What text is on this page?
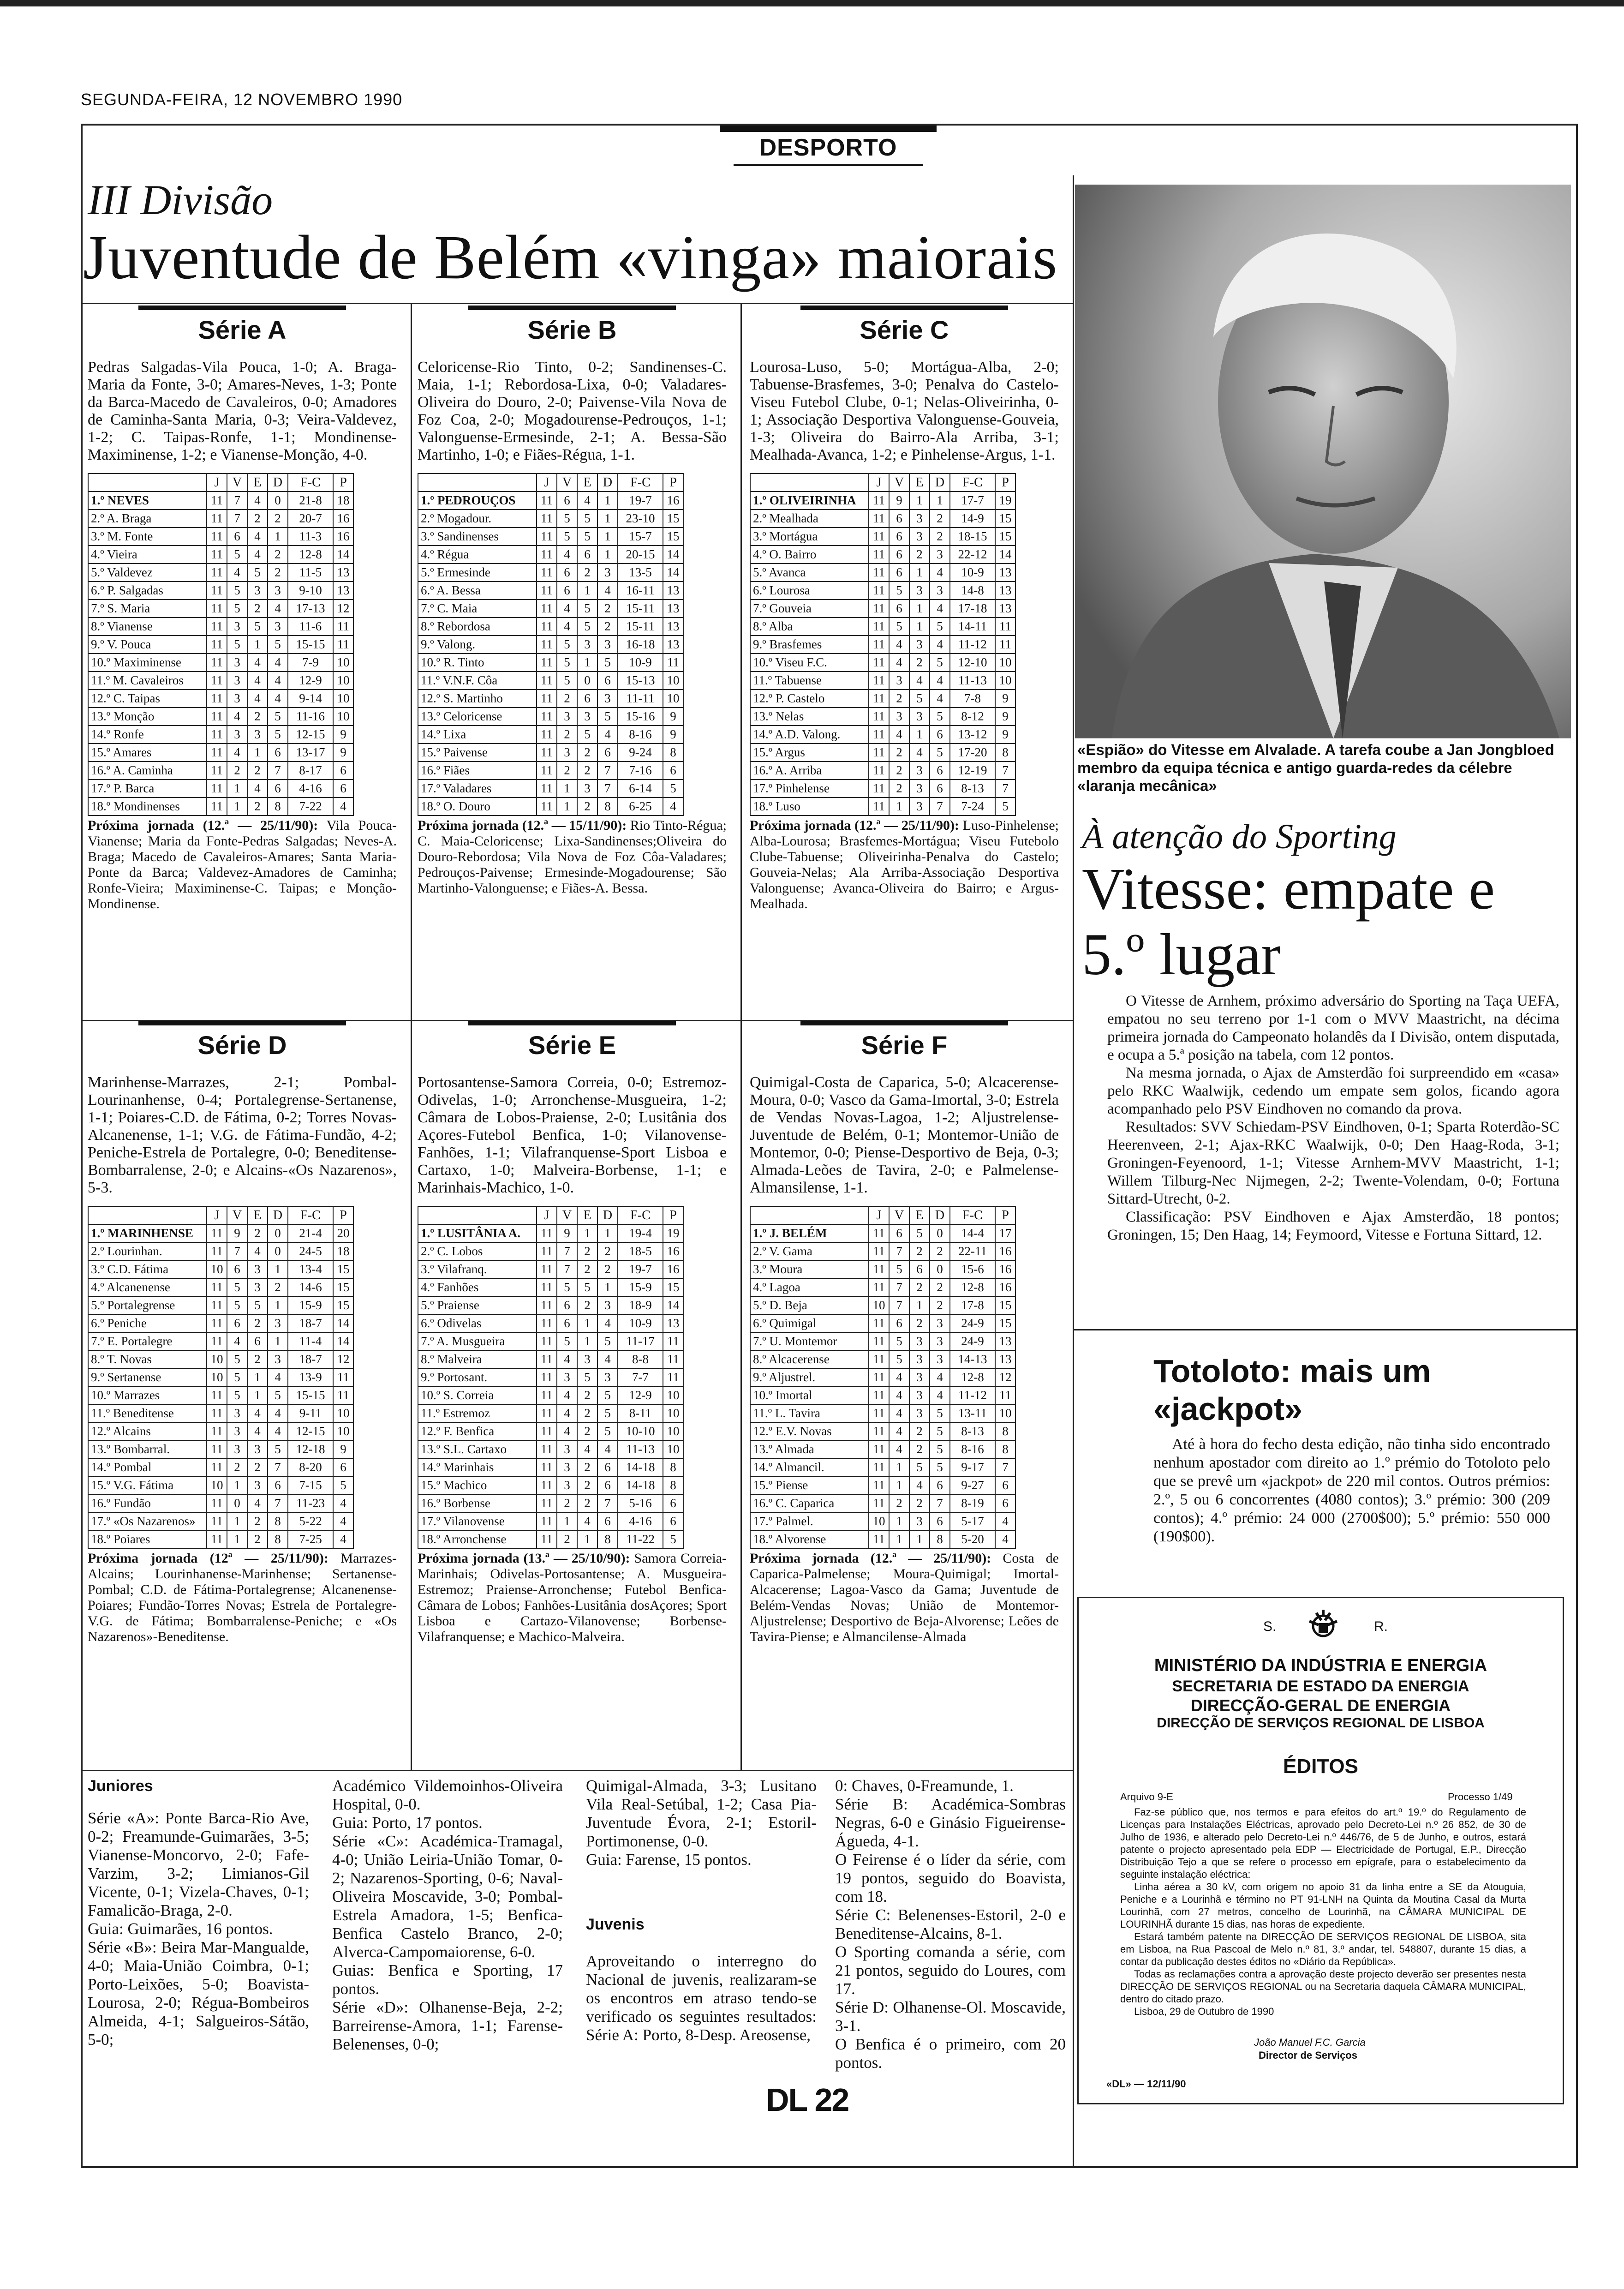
SEGUNDA-FEIRA, 12 NOVEMBRO 1990
DESPORTO
III Divisão
Juventude de Belém «vinga» maiorais
Série A

Pedras Salgadas-Vila Pouca, 1-0; A. Braga-Maria da Fonte, 3-0; Amares-Neves, 1-3; Ponte da Barca-Macedo de Cavaleiros, 0-0; Amadores de Caminha-Santa Maria, 0-3; Veira-Valdevez, 1-2; C. Taipas-Ronfe, 1-1; Mondinense-Maximinense, 1-2; e Vianense-Monção, 4-0.

	J	V	E	D	F-C	P
1.º NEVES	11	7	4	0	21-8	18
2.º A. Braga	11	7	2	2	20-7	16
3.º M. Fonte	11	6	4	1	11-3	16
4.º Vieira	11	5	4	2	12-8	14
5.º Valdevez	11	4	5	2	11-5	13
6.º P. Salgadas	11	5	3	3	9-10	13
7.º S. Maria	11	5	2	4	17-13	12
8.º Vianense	11	3	5	3	11-6	11
9.º V. Pouca	11	5	1	5	15-15	11
10.º Maximinense	11	3	4	4	7-9	10
11.º M. Cavaleiros	11	3	4	4	12-9	10
12.º C. Taipas	11	3	4	4	9-14	10
13.º Monção	11	4	2	5	11-16	10
14.º Ronfe	11	3	3	5	12-15	9
15.º Amares	11	4	1	6	13-17	9
16.º A. Caminha	11	2	2	7	8-17	6
17.º P. Barca	11	1	4	6	4-16	6
18.º Mondinenses	11	1	2	8	7-22	4

Próxima jornada (12.ª — 25/11/90): Vila Pouca-Vianense; Maria da Fonte-Pedras Salgadas; Neves-A. Braga; Macedo de Cavaleiros-Amares; Santa Maria-Ponte da Barca; Valdevez-Amadores de Caminha; Ronfe-Vieira; Maximinense-C. Taipas; e Monção-Mondinense.

Série B

Celoricense-Rio Tinto, 0-2; Sandinenses-C. Maia, 1-1; Rebordosa-Lixa, 0-0; Valadares-Oliveira do Douro, 2-0; Paivense-Vila Nova de Foz Coa, 2-0; Mogadourense-Pedrouços, 1-1; Valonguense-Ermesinde, 2-1; A. Bessa-São Martinho, 1-0; e Fiães-Régua, 1-1.

	J	V	E	D	F-C	P
1.º PEDROUÇOS	11	6	4	1	19-7	16
2.º Mogadour.	11	5	5	1	23-10	15
3.º Sandinenses	11	5	5	1	15-7	15
4.º Régua	11	4	6	1	20-15	14
5.º Ermesinde	11	6	2	3	13-5	14
6.º A. Bessa	11	6	1	4	16-11	13
7.º C. Maia	11	4	5	2	15-11	13
8.º Rebordosa	11	4	5	2	15-11	13
9.º Valong.	11	5	3	3	16-18	13
10.º R. Tinto	11	5	1	5	10-9	11
11.º V.N.F. Côa	11	5	0	6	15-13	10
12.º S. Martinho	11	2	6	3	11-11	10
13.º Celoricense	11	3	3	5	15-16	9
14.º Lixa	11	2	5	4	8-16	9
15.º Paivense	11	3	2	6	9-24	8
16.º Fiães	11	2	2	7	7-16	6
17.º Valadares	11	1	3	7	6-14	5
18.º O. Douro	11	1	2	8	6-25	4

Próxima jornada (12.ª — 15/11/90): Rio Tinto-Régua; C. Maia-Celoricense; Lixa-Sandinenses;Oliveira do Douro-Rebordosa; Vila Nova de Foz Côa-Valadares; Pedrouços-Paivense; Ermesinde-Mogadourense; São Martinho-Valonguense; e Fiães-A. Bessa.

Série C

Lourosa-Luso, 5-0; Mortágua-Alba, 2-0; Tabuense-Brasfemes, 3-0; Penalva do Castelo-Viseu Futebol Clube, 0-1; Nelas-Oliveirinha, 0-1; Associação Desportiva Valonguense-Gouveia, 1-3; Oliveira do Bairro-Ala Arriba, 3-1; Mealhada-Avanca, 1-2; e Pinhelense-Argus, 1-1.

	J	V	E	D	F-C	P
1.º OLIVEIRINHA	11	9	1	1	17-7	19
2.º Mealhada	11	6	3	2	14-9	15
3.º Mortágua	11	6	3	2	18-15	15
4.º O. Bairro	11	6	2	3	22-12	14
5.º Avanca	11	6	1	4	10-9	13
6.º Lourosa	11	5	3	3	14-8	13
7.º Gouveia	11	6	1	4	17-18	13
8.º Alba	11	5	1	5	14-11	11
9.º Brasfemes	11	4	3	4	11-12	11
10.º Viseu F.C.	11	4	2	5	12-10	10
11.º Tabuense	11	3	4	4	11-13	10
12.º P. Castelo	11	2	5	4	7-8	9
13.º Nelas	11	3	3	5	8-12	9
14.º A.D. Valong.	11	4	1	6	13-12	9
15.º Argus	11	2	4	5	17-20	8
16.º A. Arriba	11	2	3	6	12-19	7
17.º Pinhelense	11	2	3	6	8-13	7
18.º Luso	11	1	3	7	7-24	5

Próxima jornada (12.ª — 25/11/90): Luso-Pinhelense; Alba-Lourosa; Brasfemes-Mortágua; Viseu Futebolo Clube-Tabuense; Oliveirinha-Penalva do Castelo; Gouveia-Nelas; Ala Arriba-Associação Desportiva Valonguense; Avanca-Oliveira do Bairro; e Argus-Mealhada.

Série D

Marinhense-Marrazes, 2-1; Pombal-Lourinanhense, 0-4; Portalegrense-Sertanense, 1-1; Poiares-C.D. de Fátima, 0-2; Torres Novas-Alcanenense, 1-1; V.G. de Fátima-Fundão, 4-2; Peniche-Estrela de Portalegre, 0-0; Beneditense-Bombarralense, 2-0; e Alcains-«Os Nazarenos», 5-3.

	J	V	E	D	F-C	P
1.º MARINHENSE	11	9	2	0	21-4	20
2.º Lourinhan.	11	7	4	0	24-5	18
3.º C.D. Fátima	10	6	3	1	13-4	15
4.º Alcanenense	11	5	3	2	14-6	15
5.º Portalegrense	11	5	5	1	15-9	15
6.º Peniche	11	6	2	3	18-7	14
7.º E. Portalegre	11	4	6	1	11-4	14
8.º T. Novas	10	5	2	3	18-7	12
9.º Sertanense	10	5	1	4	13-9	11
10.º Marrazes	11	5	1	5	15-15	11
11.º Beneditense	11	3	4	4	9-11	10
12.º Alcains	11	3	4	4	12-15	10
13.º Bombarral.	11	3	3	5	12-18	9
14.º Pombal	11	2	2	7	8-20	6
15.º V.G. Fátima	10	1	3	6	7-15	5
16.º Fundão	11	0	4	7	11-23	4
17.º «Os Nazarenos»	11	1	2	8	5-22	4
18.º Poiares	11	1	2	8	7-25	4

Próxima jornada (12ª — 25/11/90): Marrazes-Alcains; Lourinhanense-Marinhense; Sertanense-Pombal; C.D. de Fátima-Portalegrense; Alcanenense-Poiares; Fundão-Torres Novas; Estrela de Portalegre-V.G. de Fátima; Bombarralense-Peniche; e «Os Nazarenos»-Beneditense.

Série E

Portosantense-Samora Correia, 0-0; Estremoz-Odivelas, 1-0; Arronchense-Musgueira, 1-2; Câmara de Lobos-Praiense, 2-0; Lusitânia dos Açores-Futebol Benfica, 1-0; Vilanovense-Fanhões, 1-1; Vilafranquense-Sport Lisboa e Cartaxo, 1-0; Malveira-Borbense, 1-1; e Marinhais-Machico, 1-0.

	J	V	E	D	F-C	P
1.º LUSITÂNIA A.	11	9	1	1	19-4	19
2.º C. Lobos	11	7	2	2	18-5	16
3.º Vilafranq.	11	7	2	2	19-7	16
4.º Fanhões	11	5	5	1	15-9	15
5.º Praiense	11	6	2	3	18-9	14
6.º Odivelas	11	6	1	4	10-9	13
7.º A. Musgueira	11	5	1	5	11-17	11
8.º Malveira	11	4	3	4	8-8	11
9.º Portosant.	11	3	5	3	7-7	11
10.º S. Correia	11	4	2	5	12-9	10
11.º Estremoz	11	4	2	5	8-11	10
12.º F. Benfica	11	4	2	5	10-10	10
13.º S.L. Cartaxo	11	3	4	4	11-13	10
14.º Marinhais	11	3	2	6	14-18	8
15.º Machico	11	3	2	6	14-18	8
16.º Borbense	11	2	2	7	5-16	6
17.º Vilanovense	11	1	4	6	4-16	6
18.º Arronchense	11	2	1	8	11-22	5

Próxima jornada (13.ª — 25/10/90): Samora Correia-Marinhais; Odivelas-Portosantense; A. Musgueira-Estremoz; Praiense-Arronchense; Futebol Benfica-Câmara de Lobos; Fanhões-Lusitânia dosAçores; Sport Lisboa e Cartazo-Vilanovense; Borbense-Vilafranquense; e Machico-Malveira.

Série F

Quimigal-Costa de Caparica, 5-0; Alcacerense-Moura, 0-0; Vasco da Gama-Imortal, 3-0; Estrela de Vendas Novas-Lagoa, 1-2; Aljustrelense-Juventude de Belém, 0-1; Montemor-União de Montemor, 0-0; Piense-Desportivo de Beja, 0-3; Almada-Leões de Tavira, 2-0; e Palmelense-Almansilense, 1-1.

	J	V	E	D	F-C	P
1.º J. BELÉM	11	6	5	0	14-4	17
2.º V. Gama	11	7	2	2	22-11	16
3.º Moura	11	5	6	0	15-6	16
4.º Lagoa	11	7	2	2	12-8	16
5.º D. Beja	10	7	1	2	17-8	15
6.º Quimigal	11	6	2	3	24-9	15
7.º U. Montemor	11	5	3	3	24-9	13
8.º Alcacerense	11	5	3	3	14-13	13
9.º Aljustrel.	11	4	3	4	12-8	12
10.º Imortal	11	4	3	4	11-12	11
11.º L. Tavira	11	4	3	5	13-11	10
12.º E.V. Novas	11	4	2	5	8-13	8
13.º Almada	11	4	2	5	8-16	8
14.º Almancil.	11	1	5	5	9-17	7
15.º Piense	11	1	4	6	9-27	6
16.º C. Caparica	11	2	2	7	8-19	6
17.º Palmel.	10	1	3	6	5-17	4
18.º Alvorense	11	1	1	8	5-20	4

Próxima jornada (12.ª — 25/11/90): Costa de Caparica-Palmelense; Moura-Quimigal; Imortal-Alcacerense; Lagoa-Vasco da Gama; Juventude de Belém-Vendas Novas; União de Montemor-Aljustrelense; Desportivo de Beja-Alvorense; Leões de Tavira-Piense; e Almancilense-Almada

Juniores

Série «A»: Ponte Barca-Rio Ave, 0-2; Freamunde-Guimarães, 3-5; Vianense-Moncorvo, 2-0; Fafe-Varzim, 3-2; Limianos-Gil Vicente, 0-1; Vizela-Chaves, 0-1; Famalicão-Braga, 2-0.

Guia: Guimarães, 16 pontos.

Série «B»: Beira Mar-Mangualde, 4-0; Maia-União Coimbra, 0-1; Porto-Leixões, 5-0; Boavista-Lourosa, 2-0; Régua-Bombeiros Almeida, 4-1; Salgueiros-Sátão, 5-0;

Académico Vildemoinhos-Oliveira Hospital, 0-0.

Guia: Porto, 17 pontos.

Série «C»: Académica-Tramagal, 4-0; União Leiria-União Tomar, 0-2; Nazarenos-Sporting, 0-6; Naval-Oliveira Moscavide, 3-0; Pombal-Estrela Amadora, 1-5; Benfica-Benfica Castelo Branco, 2-0; Alverca-Campomaiorense, 6-0.

Guias: Benfica e Sporting, 17 pontos.

Série «D»: Olhanense-Beja, 2-2; Barreirense-Amora, 1-1; Farense-Belenenses, 0-0;

Quimigal-Almada, 3-3; Lusitano Vila Real-Setúbal, 1-2; Casa Pia-Juventude Évora, 2-1; Estoril-Portimonense, 0-0.

Guia: Farense, 15 pontos.

Juvenis

Aproveitando o interregno do Nacional de juvenis, realizaram-se os encontros em atraso tendo-se verificado os seguintes resultados: Série A: Porto, 8-Desp. Areosense,

0: Chaves, 0-Freamunde, 1.

Série B: Académica-Sombras Negras, 6-0 e Ginásio Figueirense-Águeda, 4-1.

O Feirense é o líder da série, com 19 pontos, seguido do Boavista, com 18.

Série C: Belenenses-Estoril, 2-0 e Beneditense-Alcains, 8-1.

O Sporting comanda a série, com 21 pontos, seguido do Loures, com 17.

Série D: Olhanense-Ol. Moscavide, 3-1.

O Benfica é o primeiro, com 20 pontos.

«Espião» do Vitesse em Alvalade. A tarefa coube a Jan Jongbloed membro da equipa técnica e antigo guarda-redes da célebre «laranja mecânica»
À atenção do Sporting
Vitesse: empate e 5.º lugar

O Vitesse de Arnhem, próximo adversário do Sporting na Taça UEFA, empatou no seu terreno por 1-1 com o MVV Maastricht, na décima primeira jornada do Campeonato holandês da I Divisão, ontem disputada, e ocupa a 5.ª posição na tabela, com 12 pontos.

Na mesma jornada, o Ajax de Amsterdão foi surpreendido em «casa» pelo RKC Waalwijk, cedendo um empate sem golos, ficando agora acompanhado pelo PSV Eindhoven no comando da prova.

Resultados: SVV Schiedam-PSV Eindhoven, 0-1; Sparta Roterdão-SC Heerenveen, 2-1; Ajax-RKC Waalwijk, 0-0; Den Haag-Roda, 3-1; Groningen-Feyenoord, 1-1; Vitesse Arnhem-MVV Maastricht, 1-1; Willem Tilburg-Nec Nijmegen, 2-2; Twente-Volendam, 0-0; Fortuna Sittard-Utrecht, 0-2.

Classificação: PSV Eindhoven e Ajax Amsterdão, 18 pontos; Groningen, 15; Den Haag, 14; Feymoord, Vitesse e Fortuna Sittard, 12.

Totoloto: mais um «jackpot»
Até à hora do fecho desta edição, não tinha sido encontrado nenhum apostador com direito ao 1.º prémio do Totoloto pelo que se prevê um «jackpot» de 220 mil contos. Outros prémios: 2.º, 5 ou 6 concorrentes (4080 contos); 3.º prémio: 300 (209 contos); 4.º prémio: 24 000 (2700$00); 5.º prémio: 550 000 (190$00).
S.	R.
MINISTÉRIO DA INDÚSTRIA E ENERGIA
SECRETARIA DE ESTADO DA ENERGIA
DIRECÇÃO-GERAL DE ENERGIA
DIRECÇÃO DE SERVIÇOS REGIONAL DE LISBOA
ÉDITOS
Arquivo 9-E	Processo 1/49

Faz-se público que, nos termos e para efeitos do art.º 19.º do Regulamento de Licenças para Instalações Eléctricas, aprovado pelo Decreto-Lei n.º 26 852, de 30 de Julho de 1936, e alterado pelo Decreto-Lei n.º 446/76, de 5 de Junho, e outros, estará patente o projecto apresentado pela EDP — Electricidade de Portugal, E.P., Direcção Distribuição Tejo a que se refere o processo em epígrafe, para o estabelecimento da seguinte instalação eléctrica:

Linha aérea a 30 kV, com origem no apoio 31 da linha entre a SE da Atouguia, Peniche e a Lourinhã e término no PT 91-LNH na Quinta da Moutina Casal da Murta Lourinhã, com 27 metros, concelho de Lourinhã, na CÂMARA MUNICIPAL DE LOURINHÃ durante 15 dias, nas horas de expediente.

Estará também patente na DIRECÇÃO DE SERVIÇOS REGIONAL DE LISBOA, sita em Lisboa, na Rua Pascoal de Melo n.º 81, 3.º andar, tel. 548807, durante 15 dias, a contar da publicação destes éditos no «Diário da República».

Todas as reclamações contra a aprovação deste projecto deverão ser presentes nesta DIRECÇÃO DE SERVIÇOS REGIONAL ou na Secretaria daquela CÂMARA MUNICIPAL, dentro do citado prazo.

Lisboa, 29 de Outubro de 1990

João Manuel F.C. Garcia
Director de Serviços
«DL» — 12/11/90
DL 22
